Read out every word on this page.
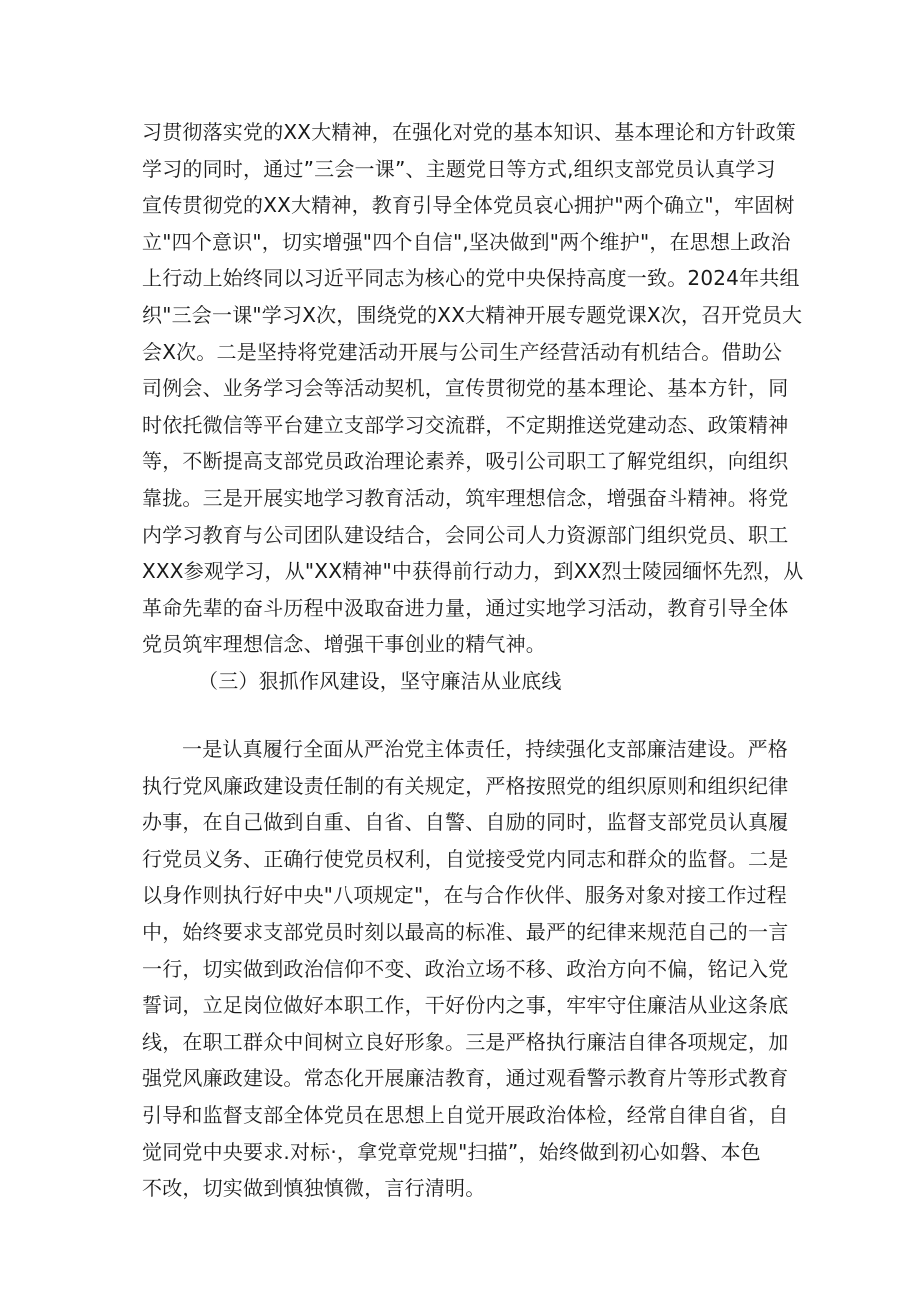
习贯彻落实党的XX大精神，在强化对党的基本知识、基本理论和方针政策
学习的同时，通过”三会一课”、主题党日等方式,组织支部党员认真学习
宣传贯彻党的XX大精神，教育引导全体党员哀心拥护"两个确立"，牢固树
立"四个意识"，切实增强"四个自信",坚决做到"两个维护"，在思想上政治
上行动上始终同以习近平同志为核心的党中央保持高度一致。2024年共组
织"三会一课"学习X次，围绕党的XX大精神开展专题党课X次，召开党员大
会X次。二是坚持将党建活动开展与公司生产经营活动有机结合。借助公
司例会、业务学习会等活动契机，宣传贯彻党的基本理论、基本方针，同
时依托微信等平台建立支部学习交流群，不定期推送党建动态、政策精神
等，不断提高支部党员政治理论素养，吸引公司职工了解党组织，向组织
靠拢。三是开展实地学习教育活动，筑牢理想信念，增强奋斗精神。将党
内学习教育与公司团队建设结合，会同公司人力资源部门组织党员、职工
XXX参观学习，从"XX精神"中获得前行动力，到XX烈士陵园缅怀先烈，从
革命先辈的奋斗历程中汲取奋进力量，通过实地学习活动，教育引导全体
党员筑牢理想信念、增强干事创业的精气神。
（三）狠抓作风建设，坚守廉洁从业底线
一是认真履行全面从严治党主体责任，持续强化支部廉洁建设。严格
执行党风廉政建设责任制的有关规定，严格按照党的组织原则和组织纪律
办事，在自己做到自重、自省、自警、自励的同时，监督支部党员认真履
行党员义务、正确行使党员权利，自觉接受党内同志和群众的监督。二是
以身作则执行好中央"八项规定"，在与合作伙伴、服务对象对接工作过程
中，始终要求支部党员时刻以最高的标准、最严的纪律来规范自己的一言
一行，切实做到政治信仰不变、政治立场不移、政治方向不偏，铭记入党
誓词，立足岗位做好本职工作，干好份内之事，牢牢守住廉洁从业这条底
线，在职工群众中间树立良好形象。三是严格执行廉洁自律各项规定，加
强党风廉政建设。常态化开展廉洁教育，通过观看警示教育片等形式教育
引导和监督支部全体党员在思想上自觉开展政治体检，经常自律自省，自
觉同党中央要求.对标·，拿党章党规"扫描”，始终做到初心如磐、本色
不改，切实做到慎独慎微，言行清明。
